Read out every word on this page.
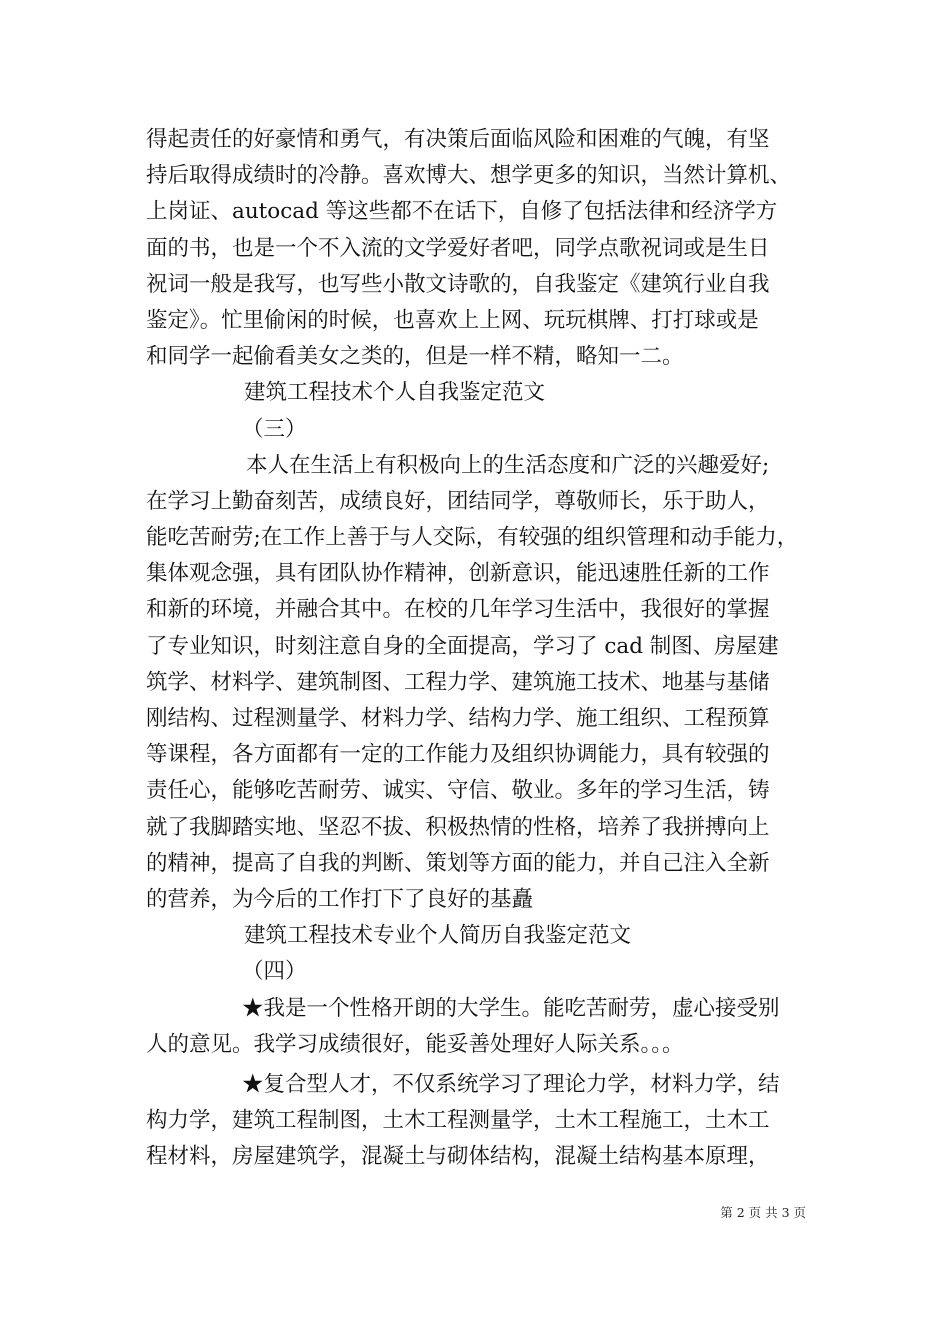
得起责任的好豪情和勇气，有决策后面临风险和困难的气魄，有坚
持后取得成绩时的冷静。喜欢博大、想学更多的知识，当然计算机、
上岗证、autocad 等这些都不在话下，自修了包括法律和经济学方
面的书，也是一个不入流的文学爱好者吧，同学点歌祝词或是生日
祝词一般是我写，也写些小散文诗歌的，自我鉴定《建筑行业自我
鉴定》。忙里偷闲的时候，也喜欢上上网、玩玩棋牌、打打球或是
和同学一起偷看美女之类的，但是一样不精，略知一二。
建筑工程技术个人自我鉴定范文
（三）
本人在生活上有积极向上的生活态度和广泛的兴趣爱好;
在学习上勤奋刻苦，成绩良好，团结同学，尊敬师长，乐于助人，
能吃苦耐劳;在工作上善于与人交际，有较强的组织管理和动手能力，
集体观念强，具有团队协作精神，创新意识，能迅速胜任新的工作
和新的环境，并融合其中。在校的几年学习生活中，我很好的掌握
了专业知识，时刻注意自身的全面提高，学习了 cad 制图、房屋建
筑学、材料学、建筑制图、工程力学、建筑施工技术、地基与基储
刚结构、过程测量学、材料力学、结构力学、施工组织、工程预算
等课程，各方面都有一定的工作能力及组织协调能力，具有较强的
责任心，能够吃苦耐劳、诚实、守信、敬业。多年的学习生活，铸
就了我脚踏实地、坚忍不拔、积极热情的性格，培养了我拼搏向上
的精神，提高了自我的判断、策划等方面的能力，并自己注入全新
的营养，为今后的工作打下了良好的基矗
建筑工程技术专业个人简历自我鉴定范文
（四）
★我是一个性格开朗的大学生。能吃苦耐劳，虚心接受别
人的意见。我学习成绩很好，能妥善处理好人际关系。。。
★复合型人才，不仅系统学习了理论力学，材料力学，结
构力学，建筑工程制图，土木工程测量学，土木工程施工，土木工
程材料，房屋建筑学，混凝土与砌体结构，混凝土结构基本原理，
第 2 页 共 3 页
